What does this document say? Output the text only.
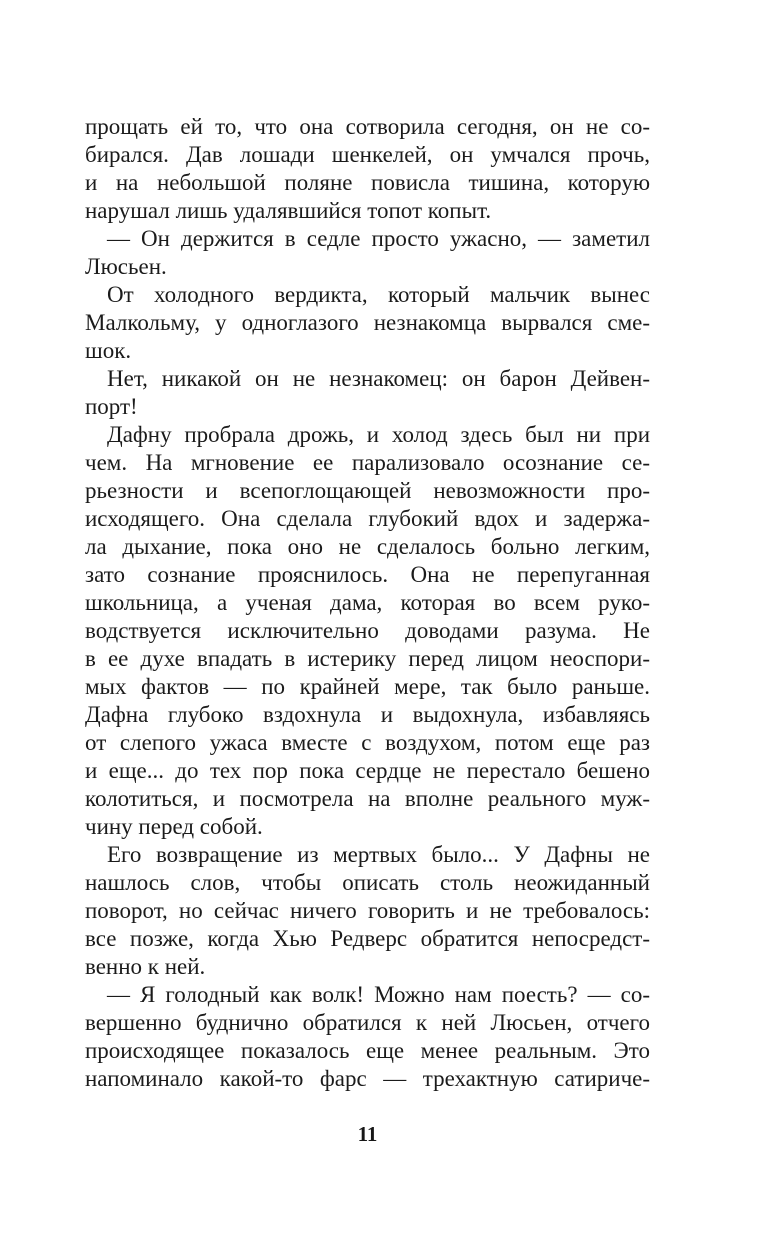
прощать ей то, что она сотворила сегодня, он не со-
бирался. Дав лошади шенкелей, он умчался прочь,
и на небольшой поляне повисла тишина, которую
нарушал лишь удалявшийся топот копыт.
— Он держится в седле просто ужасно, — заметил
Люсьен.
От холодного вердикта, который мальчик вынес
Малкольму, у одноглазого незнакомца вырвался сме-
шок.
Нет, никакой он не незнакомец: он барон Дейвен-
порт!
Дафну пробрала дрожь, и холод здесь был ни при
чем. На мгновение ее парализовало осознание се-
рьезности и всепоглощающей невозможности про-
исходящего. Она сделала глубокий вдох и задержа-
ла дыхание, пока оно не сделалось больно легким,
зато сознание прояснилось. Она не перепуганная
школьница, а ученая дама, которая во всем руко-
водствуется исключительно доводами разума. Не
в ее духе впадать в истерику перед лицом неоспори-
мых фактов — по крайней мере, так было раньше.
Дафна глубоко вздохнула и выдохнула, избавляясь
от слепого ужаса вместе с воздухом, потом еще раз
и еще... до тех пор пока сердце не перестало бешено
колотиться, и посмотрела на вполне реального муж-
чину перед собой.
Его возвращение из мертвых было... У Дафны не
нашлось слов, чтобы описать столь неожиданный
поворот, но сейчас ничего говорить и не требовалось:
все позже, когда Хью Редверс обратится непосредст-
венно к ней.
— Я голодный как волк! Можно нам поесть? — со-
вершенно буднично обратился к ней Люсьен, отчего
происходящее показалось еще менее реальным. Это
напоминало какой-то фарс — трехактную сатириче-
11
